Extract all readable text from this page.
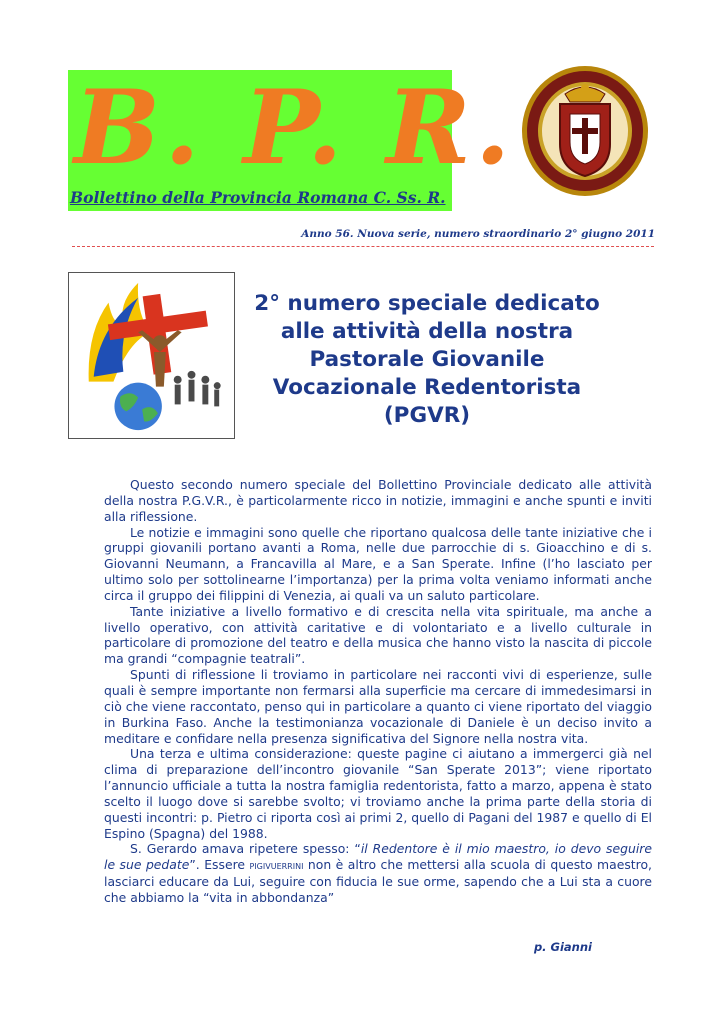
B. P. R.
Bollettino della Provincia Romana C. Ss. R.
Anno 56. Nuova serie, numero straordinario 2° giugno 2011
2° numero speciale dedicato
alle attività della nostra
Pastorale Giovanile
Vocazionale Redentorista
(PGVR)

Questo secondo numero speciale del Bollettino Provinciale dedicato alle attività della nostra P.G.V.R., è particolarmente ricco in notizie, immagini e anche spunti e inviti alla riflessione.

Le notizie e immagini sono quelle che riportano qualcosa delle tante iniziative che i gruppi giovanili portano avanti a Roma, nelle due parrocchie di s. Gioacchino e di s. Giovanni Neumann, a Francavilla al Mare, e a San Sperate. Infine (l’ho lasciato per ultimo solo per sottolinearne l’importanza) per la prima volta veniamo informati anche circa il gruppo dei filippini di Venezia, ai quali va un saluto particolare.

Tante iniziative a livello formativo e di crescita nella vita spirituale, ma anche a livello operativo, con attività caritative e di volontariato e a livello culturale in particolare di promozione del teatro e della musica che hanno visto la nascita di piccole ma grandi “compagnie teatrali”.

Spunti di riflessione li troviamo in particolare nei racconti vivi di esperienze, sulle quali è sempre importante non fermarsi alla superficie ma cercare di immedesimarsi in ciò che viene raccontato, penso qui in particolare a quanto ci viene riportato del viaggio in Burkina Faso. Anche la testimonianza vocazionale di Daniele è un deciso invito a meditare e confidare nella presenza significativa del Signore nella nostra vita.

Una terza e ultima considerazione: queste pagine ci aiutano a immergerci già nel clima di preparazione dell’incontro giovanile “San Sperate 2013”; viene riportato l’annuncio ufficiale a tutta la nostra famiglia redentorista, fatto a marzo, appena è stato scelto il luogo dove si sarebbe svolto; vi troviamo anche la prima parte della storia di questi incontri: p. Pietro ci riporta così ai primi 2, quello di Pagani del 1987 e quello di El Espino (Spagna) del 1988.

S. Gerardo amava ripetere spesso: “il Redentore è il mio maestro, io devo seguire le sue pedate”. Essere pigivuerrini non è altro che mettersi alla scuola di questo maestro, lasciarci educare da Lui, seguire con fiducia le sue orme, sapendo che a Lui sta a cuore che abbiamo la “vita in abbondanza”

p. Gianni
